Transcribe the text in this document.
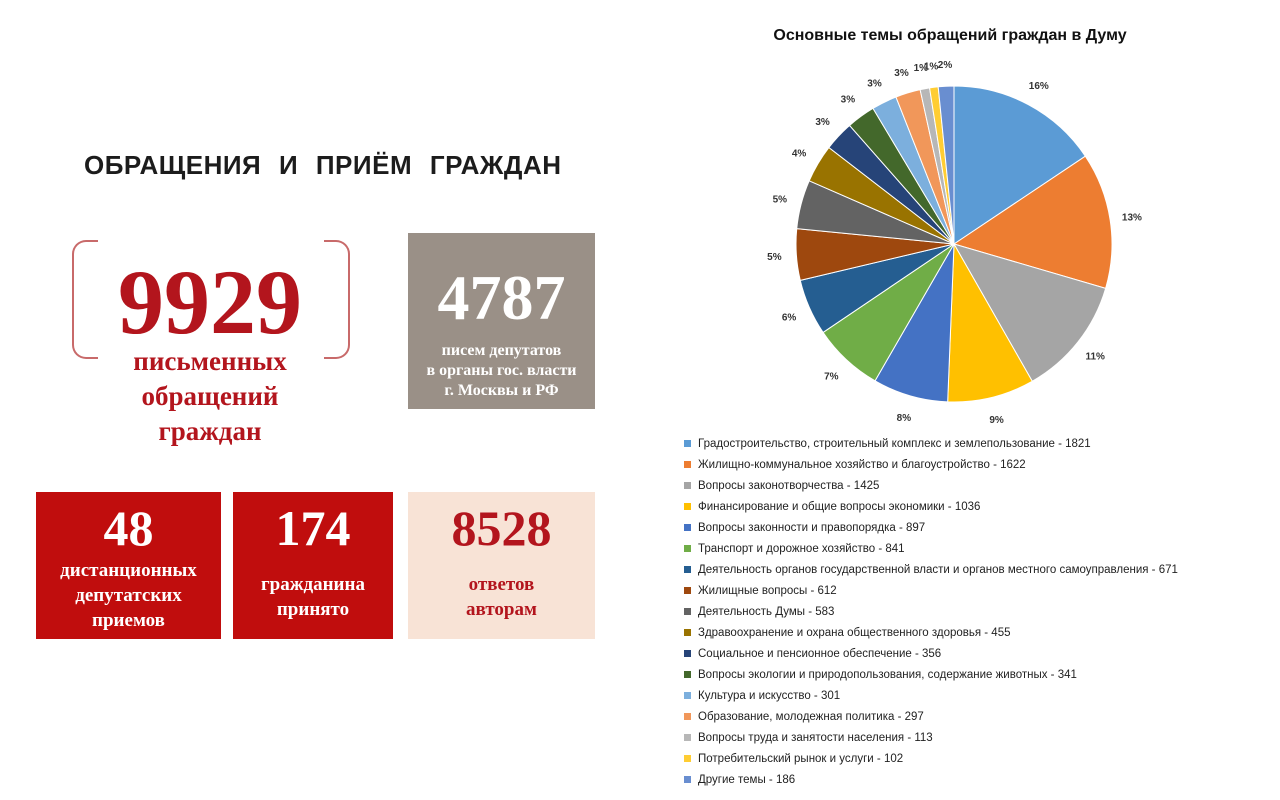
ОБРАЩЕНИЯ И ПРИЁМ ГРАЖДАН
9929
письменных
обращений
граждан
4787
писем депутатов
в органы гос. власти
г. Москвы и РФ
48
дистанционных
депутатских
приемов
174
гражданина
принято
8528
ответов
авторам
Основные темы обращений граждан в Думу
16%
13%
11%
9%
8%
7%
6%
5%
5%
4%
3%
3%
3%
3% 1%
1% 2%
Градостроительство, строительный комплекс и землепользование - 1821
Жилищно-коммунальное хозяйство и благоустройство - 1622
Вопросы законотворчества - 1425
Финансирование и общие вопросы экономики - 1036
Вопросы законности и правопорядка - 897
Транспорт и дорожное хозяйство - 841
Деятельность органов государственной власти и органов местного самоуправления - 671
Жилищные вопросы - 612
Деятельность Думы - 583
Здравоохранение и охрана общественного здоровья - 455
Социальное и пенсионное обеспечение - 356
Вопросы экологии и природопользования, содержание животных - 341
Культура и искусство - 301
Образование, молодежная политика - 297
Вопросы труда и занятости населения - 113
Потребительский рынок и услуги - 102
Другие темы - 186
